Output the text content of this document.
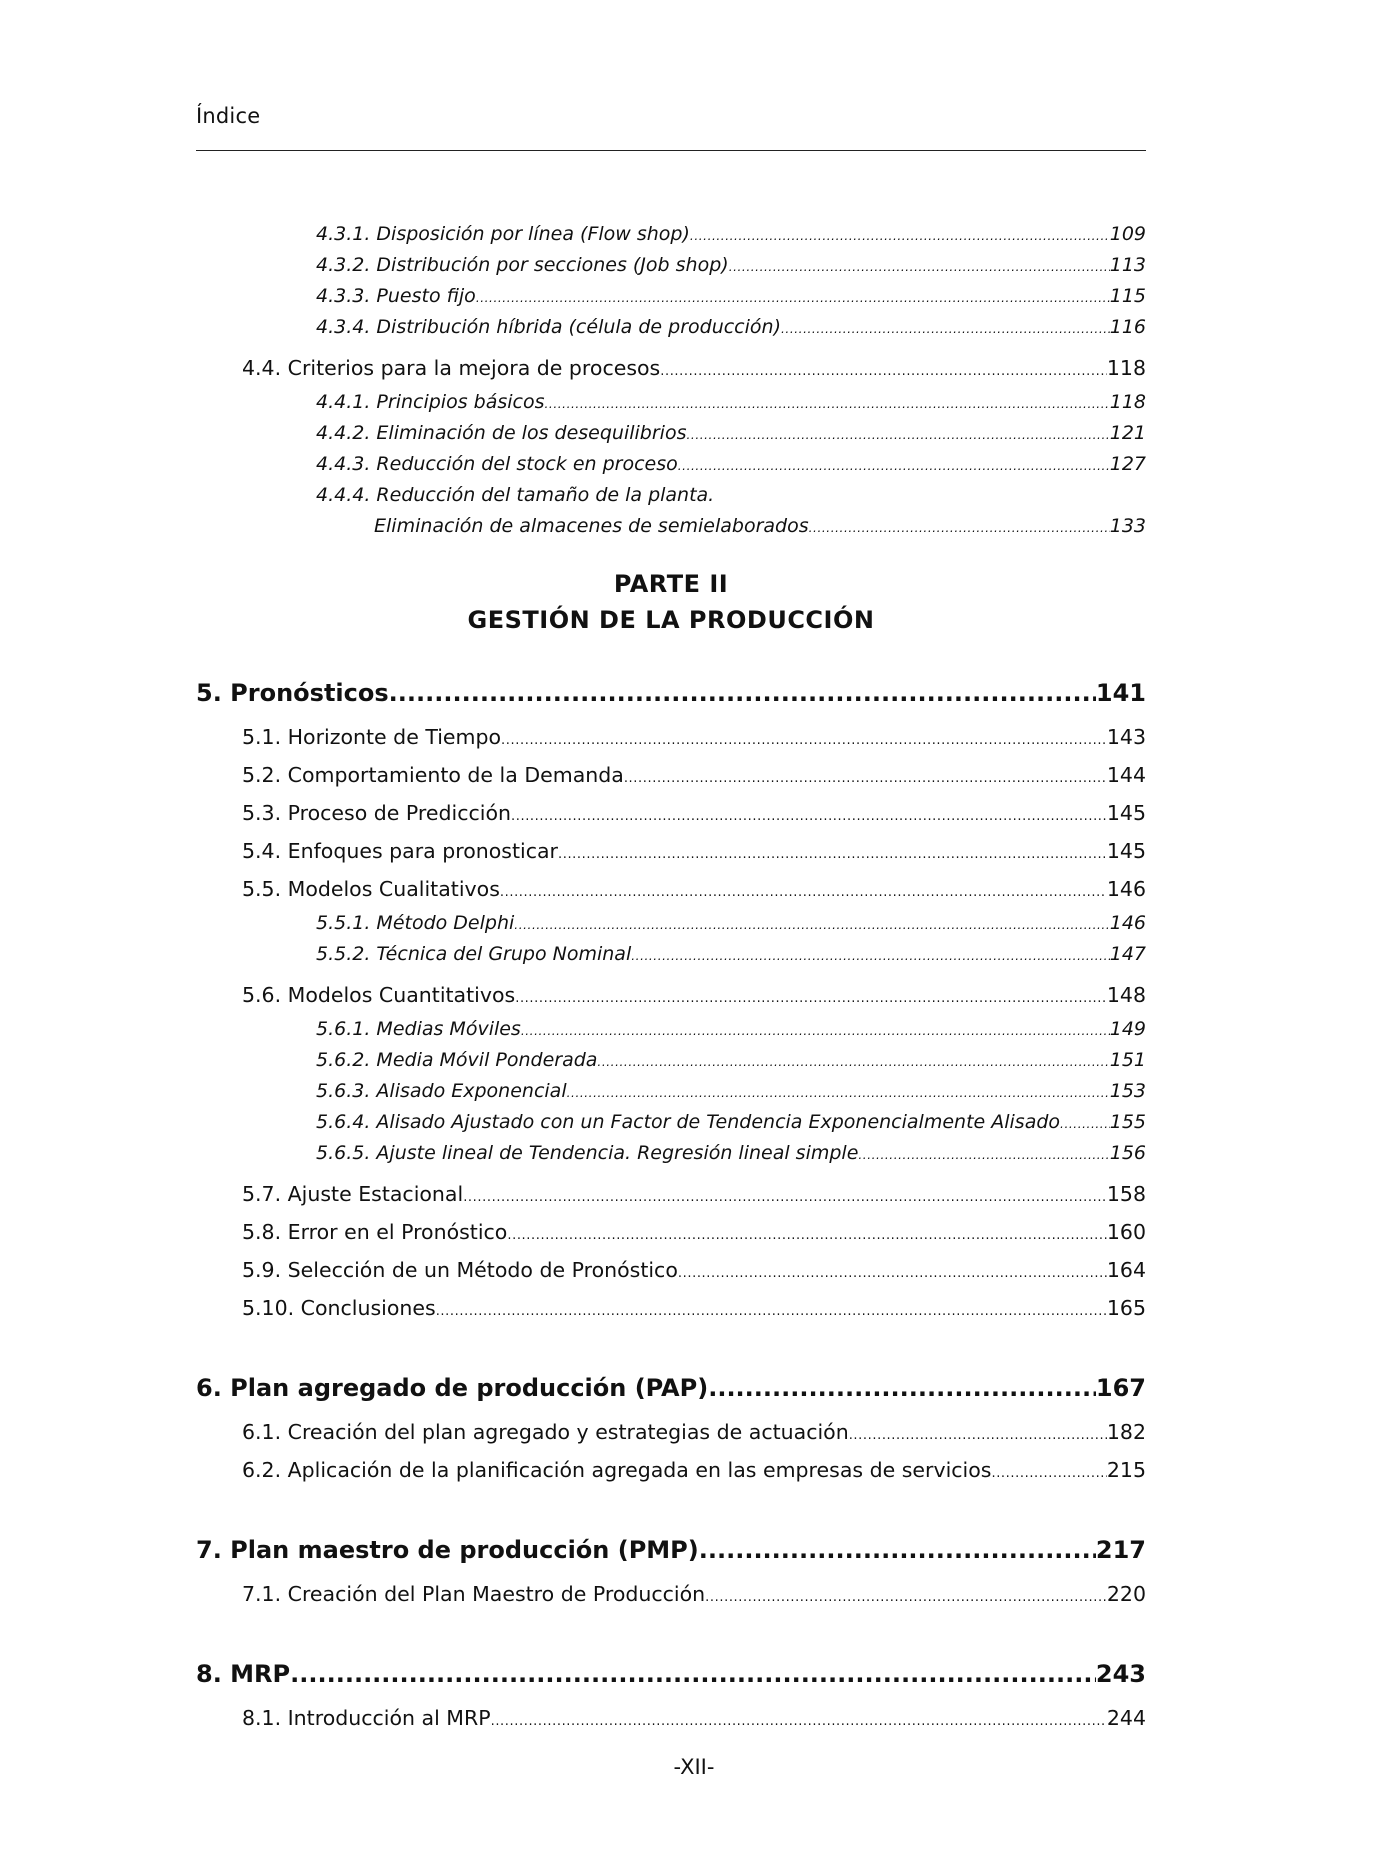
Índice
4.3.1. Disposición por línea (Flow shop) .....	109
4.3.2. Distribución por secciones (Job shop) .....	113
4.3.3. Puesto fijo .....	115
4.3.4. Distribución híbrida (célula de producción) .....	116
4.4. Criterios para la mejora de procesos .....	118
4.4.1. Principios básicos .....	118
4.4.2. Eliminación de los desequilibrios .....	121
4.4.3. Reducción del stock en proceso .....	127
4.4.4. Reducción del tamaño de la planta.
Eliminación de almacenes de semielaborados .....	133
PARTE II
GESTIÓN DE LA PRODUCCIÓN
5. Pronósticos .....	141
5.1. Horizonte de Tiempo .....	143
5.2. Comportamiento de la Demanda .....	144
5.3. Proceso de Predicción .....	145
5.4. Enfoques para pronosticar .....	145
5.5. Modelos Cualitativos .....	146
5.5.1. Método Delphi .....	146
5.5.2. Técnica del Grupo Nominal .....	147
5.6. Modelos Cuantitativos .....	148
5.6.1. Medias Móviles .....	149
5.6.2. Media Móvil Ponderada .....	151
5.6.3. Alisado Exponencial .....	153
5.6.4. Alisado Ajustado con un Factor de Tendencia Exponencialmente Alisado .....	155
5.6.5. Ajuste lineal de Tendencia. Regresión lineal simple .....	156
5.7. Ajuste Estacional .....	158
5.8. Error en el Pronóstico .....	160
5.9. Selección de un Método de Pronóstico .....	164
5.10. Conclusiones .....	165
6. Plan agregado de producción (PAP) .....	167
6.1. Creación del plan agregado y estrategias de actuación .....	182
6.2. Aplicación de la planificación agregada en las empresas de servicios .....	215
7. Plan maestro de producción (PMP) .....	217
7.1. Creación del Plan Maestro de Producción .....	220
8. MRP .....	243
8.1. Introducción al MRP .....	244
-XII-
